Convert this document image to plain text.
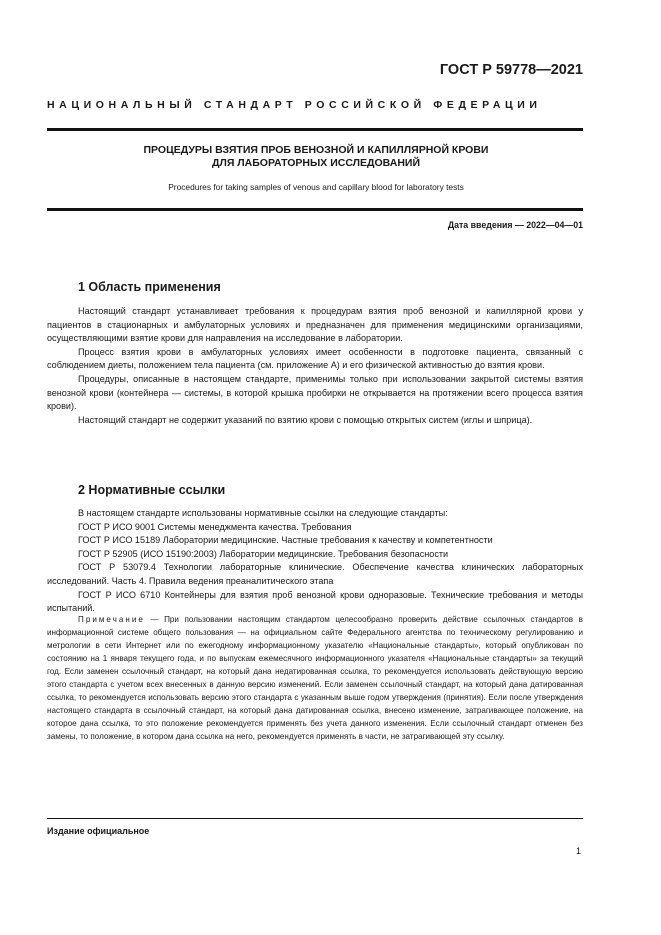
ГОСТ Р 59778—2021
НАЦИОНАЛЬНЫЙ СТАНДАРТ РОССИЙСКОЙ ФЕДЕРАЦИИ
ПРОЦЕДУРЫ ВЗЯТИЯ ПРОБ ВЕНОЗНОЙ И КАПИЛЛЯРНОЙ КРОВИ
ДЛЯ ЛАБОРАТОРНЫХ ИССЛЕДОВАНИЙ
Procedures for taking samples of venous and capillary blood for laboratory tests
Дата введения — 2022—04—01
1 Область применения

Настоящий стандарт устанавливает требования к процедурам взятия проб венозной и капиллярной крови у пациентов в стационарных и амбулаторных условиях и предназначен для применения медицинскими организациями, осуществляющими взятие крови для направления на исследование в лаборатории.

Процесс взятия крови в амбулаторных условиях имеет особенности в подготовке пациента, связанный с соблюдением диеты, положением тела пациента (см. приложение А) и его физической активностью до взятия крови.

Процедуры, описанные в настоящем стандарте, применимы только при использовании закрытой системы взятия венозной крови (контейнера — системы, в которой крышка пробирки не открывается на протяжении всего процесса взятия крови).

Настоящий стандарт не содержит указаний по взятию крови с помощью открытых систем (иглы и шприца).

2 Нормативные ссылки

В настоящем стандарте использованы нормативные ссылки на следующие стандарты:

ГОСТ Р ИСО 9001 Системы менеджмента качества. Требования

ГОСТ Р ИСО 15189 Лаборатории медицинские. Частные требования к качеству и компетентности

ГОСТ Р 52905 (ИСО 15190:2003) Лаборатории медицинские. Требования безопасности

ГОСТ Р 53079.4 Технологии лабораторные клинические. Обеспечение качества клинических лабораторных исследований. Часть 4. Правила ведения преаналитического этапа

ГОСТ Р ИСО 6710 Контейнеры для взятия проб венозной крови одноразовые. Технические требования и методы испытаний.

Примечание — При пользовании настоящим стандартом целесообразно проверить действие ссылочных стандартов в информационной системе общего пользования — на официальном сайте Федерального агентства по техническому регулированию и метрологии в сети Интернет или по ежегодному информационному указателю «Национальные стандарты», который опубликован по состоянию на 1 января текущего года, и по выпускам ежемесячного информационного указателя «Национальные стандарты» за текущий год. Если заменен ссылочный стандарт, на который дана недатированная ссылка, то рекомендуется использовать действующую версию этого стандарта с учетом всех внесенных в данную версию изменений. Если заменен ссылочный стандарт, на который дана датированная ссылка, то рекомендуется использовать версию этого стандарта с указанным выше годом утверждения (принятия). Если после утверждения настоящего стандарта в ссылочный стандарт, на который дана датированная ссылка, внесено изменение, затрагивающее положение, на которое дана ссылка, то это положение рекомендуется применять без учета данного изменения. Если ссылочный стандарт отменен без замены, то положение, в котором дана ссылка на него, рекомендуется применять в части, не затрагивающей эту ссылку.
Издание официальное
1
